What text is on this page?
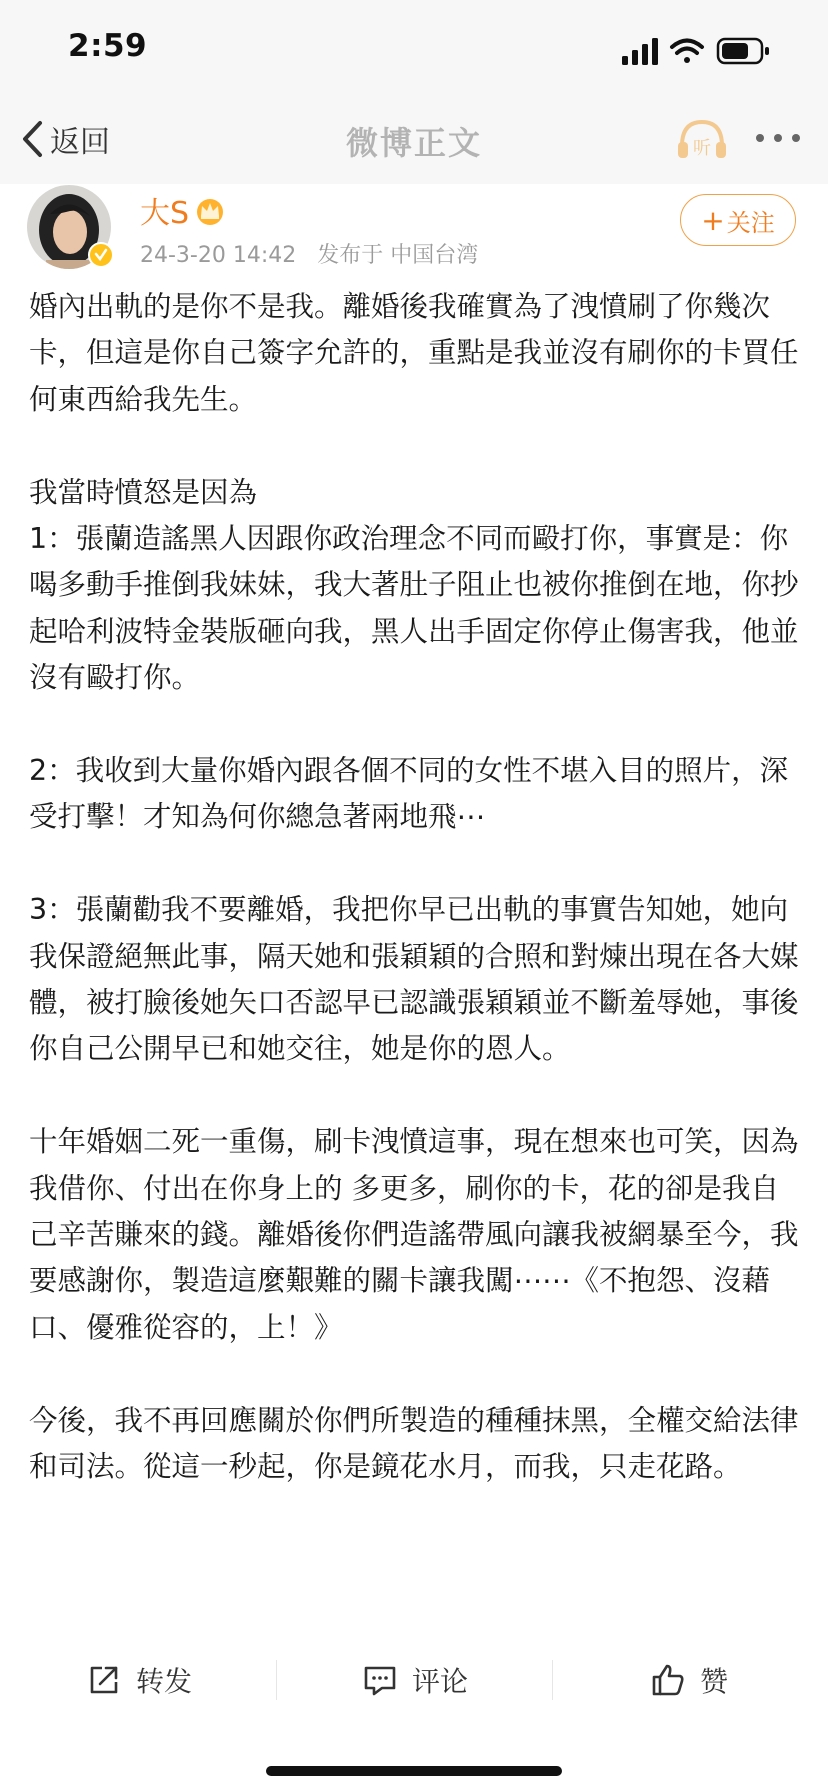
2:59
返回	微博正文	听
大S
24-3-20 14:42 发布于 中国台湾
+ 关注

婚內出軌的是你不是我。離婚後我確實為了洩憤刷了你幾次卡，但這是你自己簽字允許的，重點是我並沒有刷你的卡買任何東西給我先生。

我當時憤怒是因為
1：張蘭造謠黑人因跟你政治理念不同而毆打你，事實是：你喝多動手推倒我妹妹，我大著肚子阻止也被你推倒在地，你抄起哈利波特金裝版砸向我，黑人出手固定你停止傷害我，他並沒有毆打你。

2：我收到大量你婚內跟各個不同的女性不堪入目的照片，深受打擊！才知為何你總急著兩地飛⋯

3：張蘭勸我不要離婚，我把你早已出軌的事實告知她，她向我保證絕無此事，隔天她和張穎穎的合照和對煉出現在各大媒體，被打臉後她矢口否認早已認識張穎穎並不斷羞辱她，事後你自己公開早已和她交往，她是你的恩人。

十年婚姻二死一重傷，刷卡洩憤這事，現在想來也可笑，因為我借你、付出在你身上的 多更多，刷你的卡，花的卻是我自己辛苦賺來的錢。離婚後你們造謠帶風向讓我被網暴至今，我要感謝你，製造這麼艱難的關卡讓我闖⋯⋯《不抱怨、沒藉口、優雅從容的，上！》

今後，我不再回應關於你們所製造的種種抹黑，全權交給法律和司法。從這一秒起，你是鏡花水月，而我，只走花路。

转发	评论	赞
